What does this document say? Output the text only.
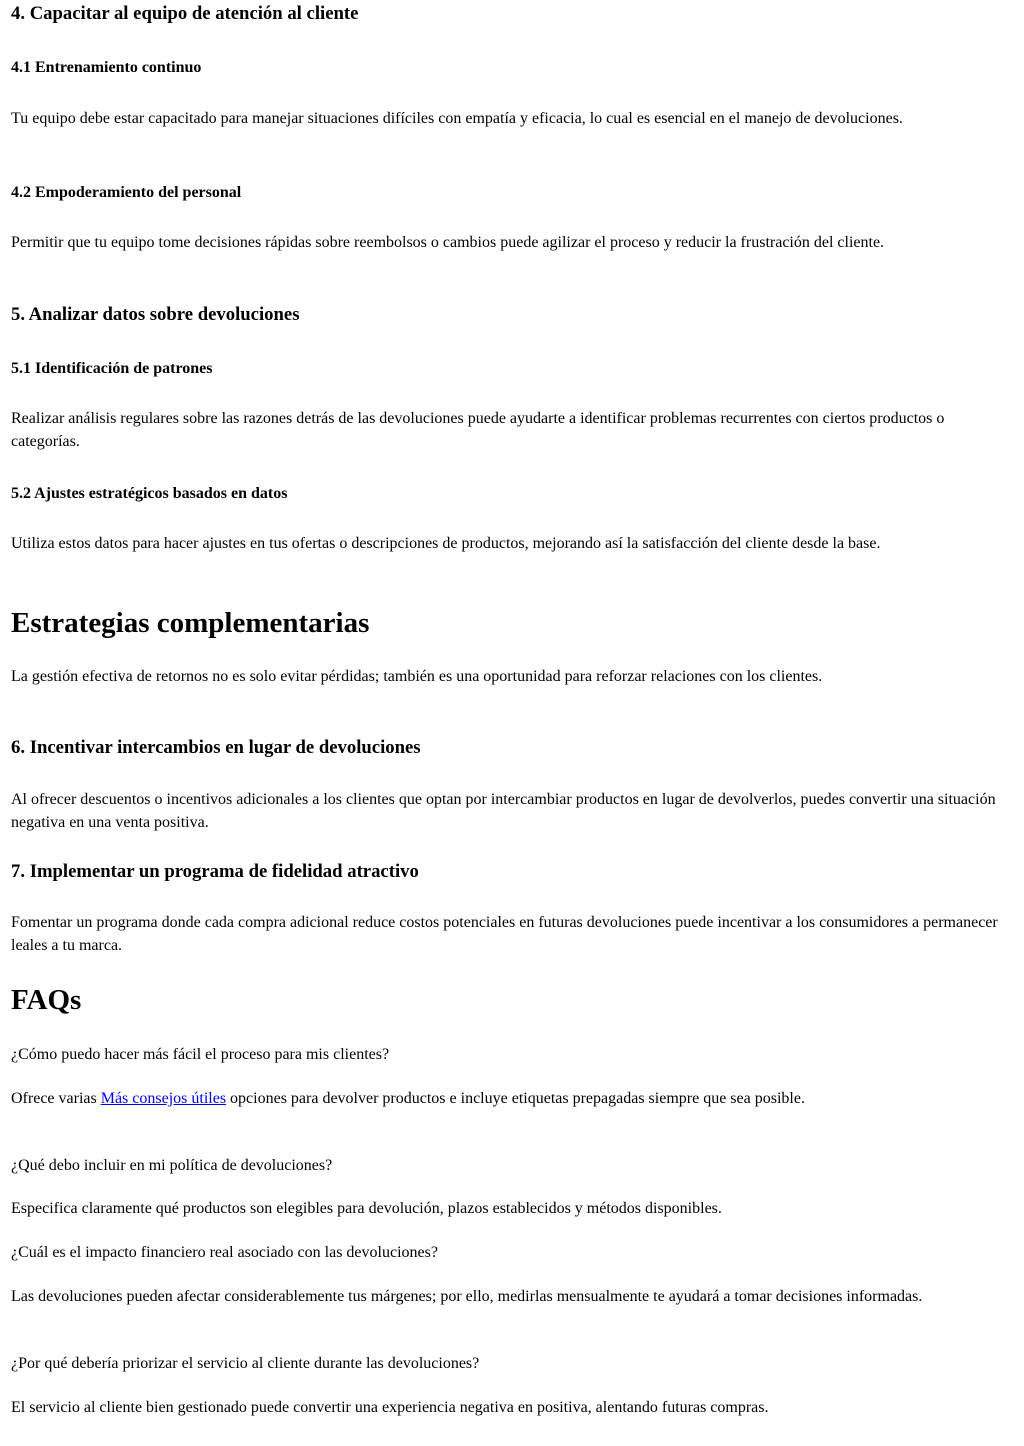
4. Capacitar al equipo de atención al cliente
4.1 Entrenamiento continuo

Tu equipo debe estar capacitado para manejar situaciones difíciles con empatía y eficacia, lo cual es esencial en el manejo de devoluciones.

4.2 Empoderamiento del personal

Permitir que tu equipo tome decisiones rápidas sobre reembolsos o cambios puede agilizar el proceso y reducir la frustración del cliente.

5. Analizar datos sobre devoluciones
5.1 Identificación de patrones

Realizar análisis regulares sobre las razones detrás de las devoluciones puede ayudarte a identificar problemas recurrentes con ciertos productos o categorías.

5.2 Ajustes estratégicos basados en datos

Utiliza estos datos para hacer ajustes en tus ofertas o descripciones de productos, mejorando así la satisfacción del cliente desde la base.

Estrategias complementarias

La gestión efectiva de retornos no es solo evitar pérdidas; también es una oportunidad para reforzar relaciones con los clientes.

6. Incentivar intercambios en lugar de devoluciones

Al ofrecer descuentos o incentivos adicionales a los clientes que optan por intercambiar productos en lugar de devolverlos, puedes convertir una situación negativa en una venta positiva.

7. Implementar un programa de fidelidad atractivo

Fomentar un programa donde cada compra adicional reduce costos potenciales en futuras devoluciones puede incentivar a los consumidores a permanecer leales a tu marca.

FAQs

¿Cómo puedo hacer más fácil el proceso para mis clientes?

Ofrece varias Más consejos útiles opciones para devolver productos e incluye etiquetas prepagadas siempre que sea posible.

¿Qué debo incluir en mi política de devoluciones?

Especifica claramente qué productos son elegibles para devolución, plazos establecidos y métodos disponibles.

¿Cuál es el impacto financiero real asociado con las devoluciones?

Las devoluciones pueden afectar considerablemente tus márgenes; por ello, medirlas mensualmente te ayudará a tomar decisiones informadas.

¿Por qué debería priorizar el servicio al cliente durante las devoluciones?

El servicio al cliente bien gestionado puede convertir una experiencia negativa en positiva, alentando futuras compras.
